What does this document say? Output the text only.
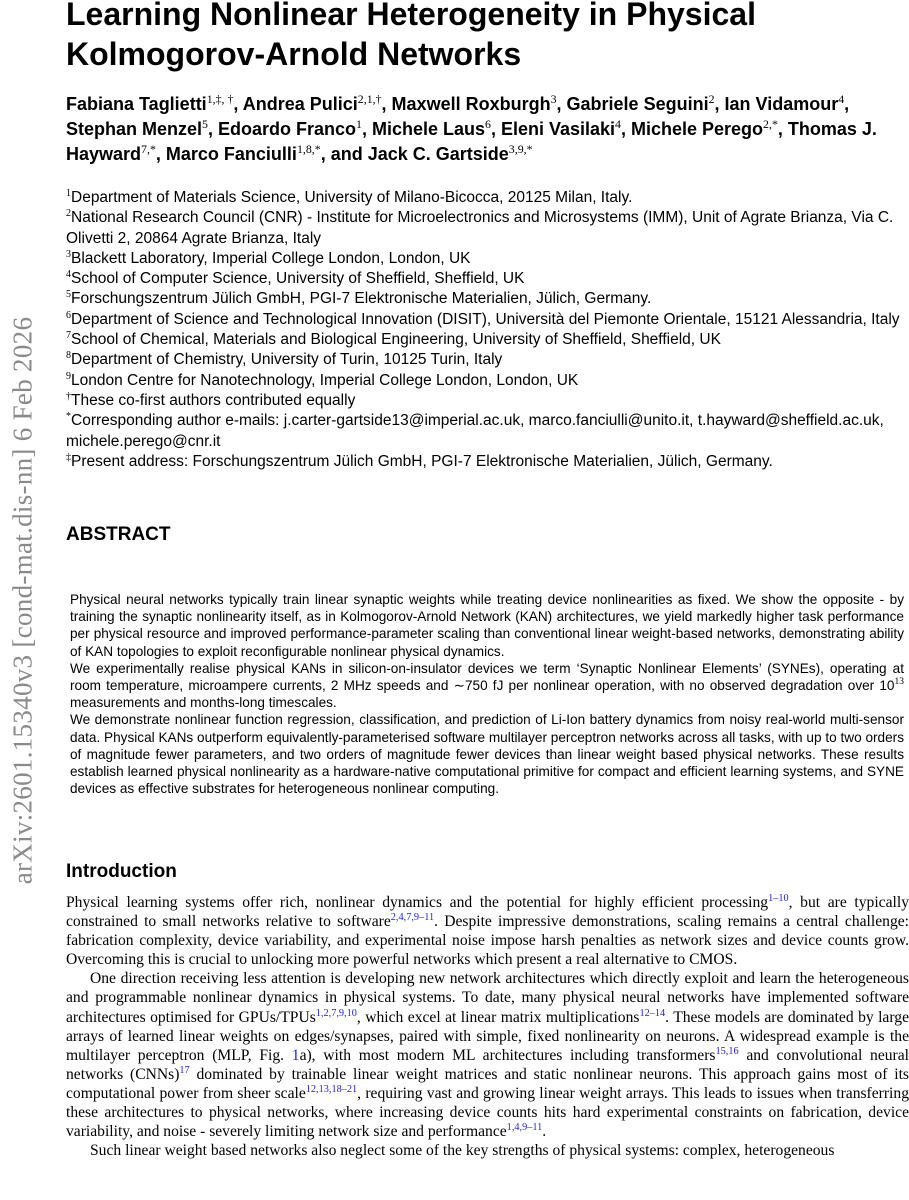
arXiv:2601.15340v3 [cond-mat.dis-nn] 6 Feb 2026
Learning Nonlinear Heterogeneity in Physical
Kolmogorov-Arnold Networks
Fabiana Taglietti$^{1,\ddagger, \dagger}$, Andrea Pulici$^{2,1,\dagger}$, Maxwell Roxburgh$^3$, Gabriele Seguini$^2$, Ian Vidamour$^4$, Stephan Menzel$^5$, Edoardo Franco$^1$, Michele Laus$^6$, Eleni Vasilaki$^4$, Michele Perego$^{2,*}$, Thomas J. Hayward$^{7,*}$, Marco Fanciulli$^{1,8,*}$, and Jack C. Gartside$^{3,9,*}$

$^1$Department of Materials Science, University of Milano-Bicocca, 20125 Milan, Italy.

$^2$National Research Council (CNR) - Institute for Microelectronics and Microsystems (IMM), Unit of Agrate Brianza, Via C. Olivetti 2, 20864 Agrate Brianza, Italy

$^3$Blackett Laboratory, Imperial College London, London, UK

$^4$School of Computer Science, University of Sheffield, Sheffield, UK

$^5$Forschungszentrum Jülich GmbH, PGI-7 Elektronische Materialien, Jülich, Germany.

$^6$Department of Science and Technological Innovation (DISIT), Università del Piemonte Orientale, 15121 Alessandria, Italy

$^7$School of Chemical, Materials and Biological Engineering, University of Sheffield, Sheffield, UK

$^8$Department of Chemistry, University of Turin, 10125 Turin, Italy

$^9$London Centre for Nanotechnology, Imperial College London, London, UK

†These co-first authors contributed equally

*Corresponding author e-mails: j.carter-gartside13@imperial.ac.uk, marco.fanciulli@unito.it, t.hayward@sheffield.ac.uk, michele.perego@cnr.it

‡Present address: Forschungszentrum Jülich GmbH, PGI-7 Elektronische Materialien, Jülich, Germany.

ABSTRACT

Physical neural networks typically train linear synaptic weights while treating device nonlinearities as fixed. We show the opposite - by training the synaptic nonlinearity itself, as in Kolmogorov-Arnold Network (KAN) architectures, we yield markedly higher task performance per physical resource and improved performance-parameter scaling than conventional linear weight-based networks, demonstrating ability of KAN topologies to exploit reconfigurable nonlinear physical dynamics.

We experimentally realise physical KANs in silicon-on-insulator devices we term ‘Synaptic Nonlinear Elements’ (SYNEs), operating at room temperature, microampere currents, 2 MHz speeds and ∼750 fJ per nonlinear operation, with no observed degradation over $10^{13}$ measurements and months-long timescales.

We demonstrate nonlinear function regression, classification, and prediction of Li-Ion battery dynamics from noisy real-world multi-sensor data. Physical KANs outperform equivalently-parameterised software multilayer perceptron networks across all tasks, with up to two orders of magnitude fewer parameters, and two orders of magnitude fewer devices than linear weight based physical networks. These results establish learned physical nonlinearity as a hardware-native computational primitive for compact and efficient learning systems, and SYNE devices as effective substrates for heterogeneous nonlinear computing.

Introduction

Physical learning systems offer rich, nonlinear dynamics and the potential for highly efficient processing$^{1-10}$, but are typically constrained to small networks relative to software$^{2,4,7,9-11}$. Despite impressive demonstrations, scaling remains a central challenge: fabrication complexity, device variability, and experimental noise impose harsh penalties as network sizes and device counts grow. Overcoming this is crucial to unlocking more powerful networks which present a real alternative to CMOS.

One direction receiving less attention is developing new network architectures which directly exploit and learn the heterogeneous and programmable nonlinear dynamics in physical systems. To date, many physical neural networks have implemented software architectures optimised for GPUs/TPUs$^{1,2,7,9,10}$, which excel at linear matrix multiplications$^{12-14}$. These models are dominated by large arrays of learned linear weights on edges/synapses, paired with simple, fixed nonlinearity on neurons. A widespread example is the multilayer perceptron (MLP, Fig. 1a), with most modern ML architectures including transformers$^{15,16}$ and convolutional neural networks (CNNs)$^{17}$ dominated by trainable linear weight matrices and static nonlinear neurons. This approach gains most of its computational power from sheer scale$^{12,13,18-21}$, requiring vast and growing linear weight arrays. This leads to issues when transferring these architectures to physical networks, where increasing device counts hits hard experimental constraints on fabrication, device variability, and noise - severely limiting network size and performance$^{1,4,9-11}$.

Such linear weight based networks also neglect some of the key strengths of physical systems: complex, heterogeneous
